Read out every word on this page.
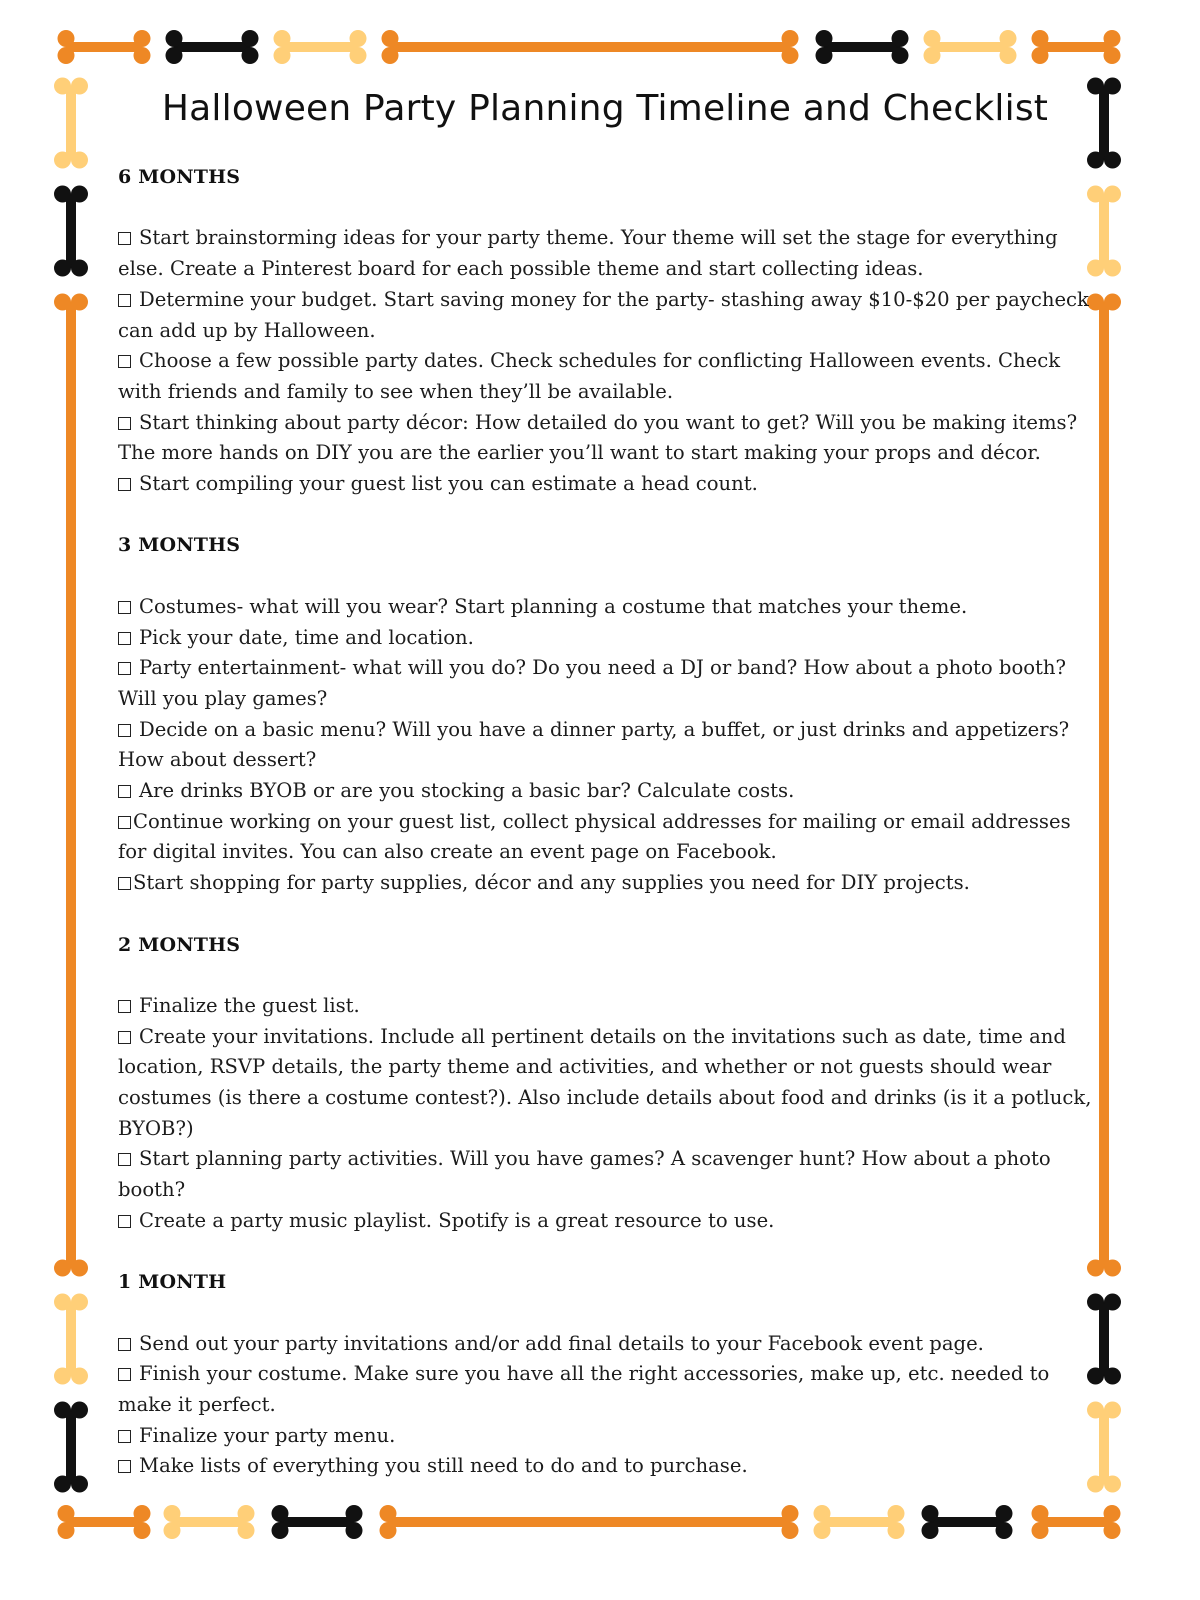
Halloween Party Planning Timeline and Checklist

6 MONTHS

Start brainstorming ideas for your party theme. Your theme will set the stage for everything else. Create a Pinterest board for each possible theme and start collecting ideas.

Determine your budget. Start saving money for the party- stashing away $10-$20 per paycheck can add up by Halloween.

Choose a few possible party dates. Check schedules for conflicting Halloween events. Check with friends and family to see when they’ll be available.

Start thinking about party décor: How detailed do you want to get? Will you be making items? The more hands on DIY you are the earlier you’ll want to start making your props and décor.

Start compiling your guest list you can estimate a head count.

3 MONTHS

Costumes- what will you wear? Start planning a costume that matches your theme.

Pick your date, time and location.

Party entertainment- what will you do? Do you need a DJ or band? How about a photo booth? Will you play games?

Decide on a basic menu? Will you have a dinner party, a buffet, or just drinks and appetizers? How about dessert?

Are drinks BYOB or are you stocking a basic bar? Calculate costs.

Continue working on your guest list, collect physical addresses for mailing or email addresses for digital invites. You can also create an event page on Facebook.

Start shopping for party supplies, décor and any supplies you need for DIY projects.

2 MONTHS

Finalize the guest list.

Create your invitations. Include all pertinent details on the invitations such as date, time and location, RSVP details, the party theme and activities, and whether or not guests should wear costumes (is there a costume contest?). Also include details about food and drinks (is it a potluck, BYOB?)

Start planning party activities. Will you have games? A scavenger hunt? How about a photo booth?

Create a party music playlist. Spotify is a great resource to use.

1 MONTH

Send out your party invitations and/or add final details to your Facebook event page.

Finish your costume. Make sure you have all the right accessories, make up, etc. needed to make it perfect.

Finalize your party menu.

Make lists of everything you still need to do and to purchase.
